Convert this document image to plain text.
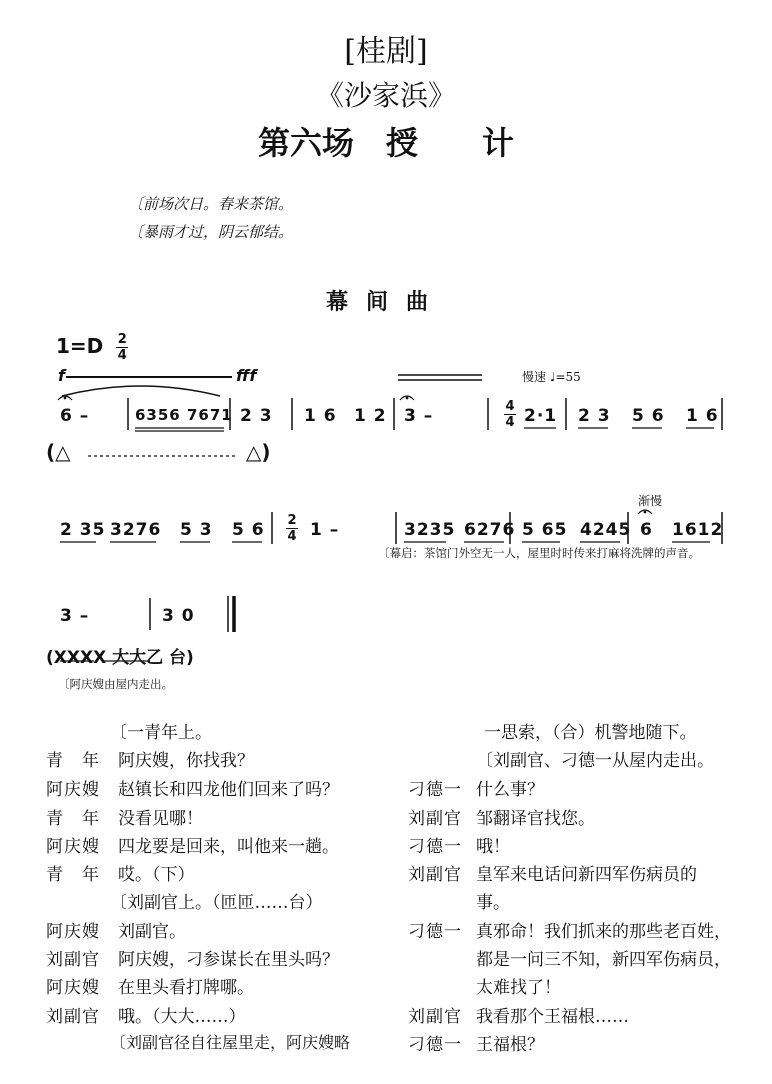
[桂剧]
《沙家浜》
第六场　授　　计
〔前场次日。春来茶馆。
〔暴雨才过，阴云郁结。
幕间曲
$1=D \frac{2}{4}$
f	fff	慢速 ♩=55
6 –	6356 7671 2 3 1 6 1 2 3 –	4
4 2·1 2 3 5 6 1 6
(△	△)
渐慢
2 35 3276 5 3 5 6 2
4 1 –	3235 6276 5 65 4245 6 1612
〔幕启：茶馆门外空无一人，屋里时时传来打麻将洗牌的声音。
3 –	3 0
(XXXX 大大乙 台)
〔阿庆嫂由屋内走出。
〔一青年上。
青　年	阿庆嫂，你找我？
阿庆嫂	赵镇长和四龙他们回来了吗？
青　年	没看见哪！
阿庆嫂	四龙要是回来，叫他来一趟。
青　年	哎。（下）
〔刘副官上。（匝匝……台）
阿庆嫂	刘副官。
刘副官	阿庆嫂，刁参谋长在里头吗？
阿庆嫂	在里头看打牌哪。
刘副官	哦。（大大……）
〔刘副官径自往屋里走，阿庆嫂略
一思索，（合）机警地随下。
〔刘副官、刁德一从屋内走出。
刁德一 什么事？
刘副官 邹翻译官找您。
刁德一 哦！
刘副官 皇军来电话问新四军伤病员的
事。
刁德一 真邪命！我们抓来的那些老百姓，
都是一问三不知，新四军伤病员，
太难找了！
刘副官 我看那个王福根……
刁德一 王福根？
